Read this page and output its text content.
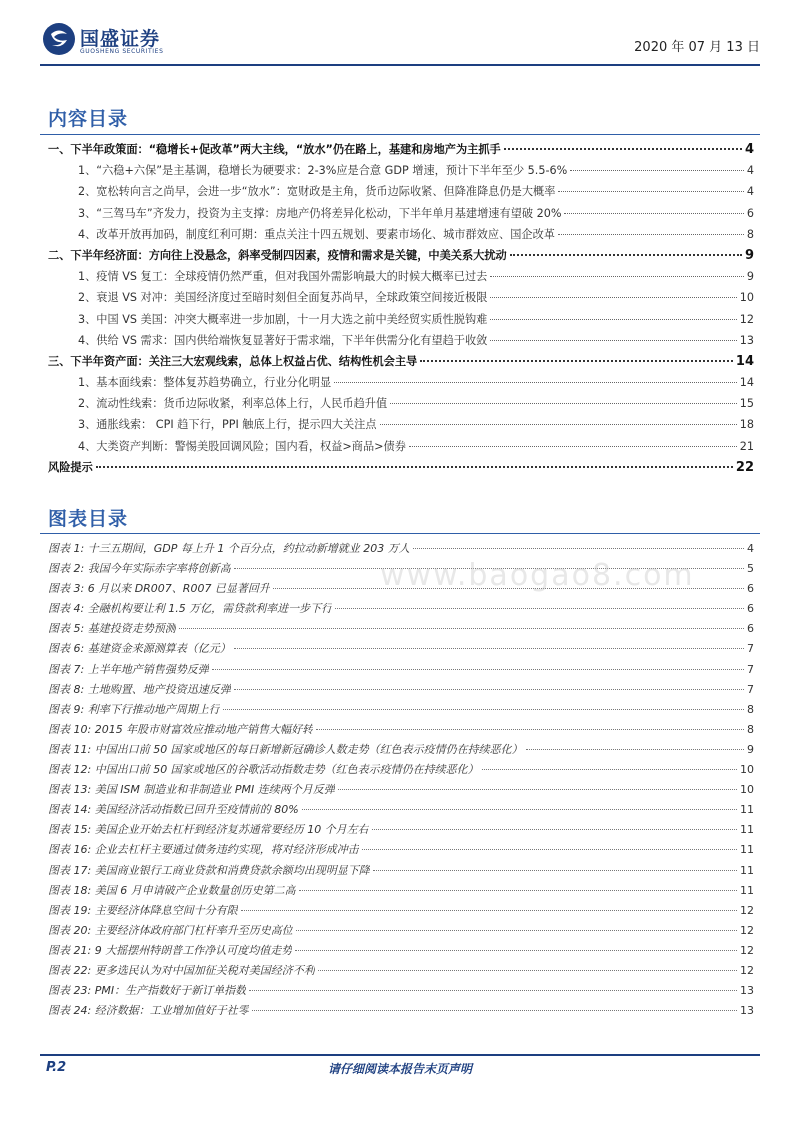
国盛证券
GUOSHENG SECURITIES	2020 年 07 月 13 日
内容目录
一、下半年政策面：“稳增长+促改革”两大主线，“放水”仍在路上，基建和房地产为主抓手	4
1、“六稳+六保”是主基调，稳增长为硬要求：2-3%应是合意 GDP 增速，预计下半年至少 5.5-6%	4
2、宽松转向言之尚早，会进一步“放水”：宽财政是主角，货币边际收紧、但降准降息仍是大概率	4
3、“三驾马车”齐发力，投资为主支撑：房地产仍将差异化松动，下半年单月基建增速有望破 20%	6
4、改革开放再加码，制度红利可期：重点关注十四五规划、要素市场化、城市群效应、国企改革	8
二、下半年经济面：方向往上没悬念，斜率受制四因素，疫情和需求是关键，中美关系大扰动	9
1、疫情 VS 复工：全球疫情仍然严重，但对我国外需影响最大的时候大概率已过去	9
2、衰退 VS 对冲：美国经济度过至暗时刻但全面复苏尚早，全球政策空间接近极限	10
3、中国 VS 美国：冲突大概率进一步加剧，十一月大选之前中美经贸实质性脱钩难	12
4、供给 VS 需求：国内供给端恢复显著好于需求端，下半年供需分化有望趋于收敛	13
三、下半年资产面：关注三大宏观线索，总体上权益占优、结构性机会主导	14
1、基本面线索：整体复苏趋势确立，行业分化明显	14
2、流动性线索：货币边际收紧，利率总体上行，人民币趋升值	15
3、通胀线索： CPI 趋下行，PPI 触底上行，提示四大关注点	18
4、大类资产判断：警惕美股回调风险；国内看，权益>商品>债券	21
风险提示	22
图表目录
图表 1: 十三五期间，GDP 每上升 1 个百分点，约拉动新增就业 203 万人	4
图表 2: 我国今年实际赤字率将创新高	5
图表 3: 6 月以来 DR007、R007 已显著回升	6
图表 4: 全融机构要让利 1.5 万亿，需贷款利率进一步下行	6
图表 5: 基建投资走势预测	6
图表 6: 基建资金来源测算表（亿元）	7
图表 7: 上半年地产销售强势反弹	7
图表 8: 土地购置、地产投资迅速反弹	7
图表 9: 利率下行推动地产周期上行	8
图表 10: 2015 年股市财富效应推动地产销售大幅好转	8
图表 11: 中国出口前 50 国家或地区的每日新增新冠确诊人数走势（红色表示疫情仍在持续恶化）	9
图表 12: 中国出口前 50 国家或地区的谷歌活动指数走势（红色表示疫情仍在持续恶化）	10
图表 13: 美国 ISM 制造业和非制造业 PMI 连续两个月反弹	10
图表 14: 美国经济活动指数已回升至疫情前的 80%	11
图表 15: 美国企业开始去杠杆到经济复苏通常要经历 10 个月左右	11
图表 16: 企业去杠杆主要通过债务违约实现，将对经济形成冲击	11
图表 17: 美国商业银行工商业贷款和消费贷款余额均出现明显下降	11
图表 18: 美国 6 月申请破产企业数量创历史第二高	11
图表 19: 主要经济体降息空间十分有限	12
图表 20: 主要经济体政府部门杠杆率升至历史高位	12
图表 21: 9 大摇摆州特朗普工作净认可度均值走势	12
图表 22: 更多选民认为对中国加征关税对美国经济不利	12
图表 23: PMI：生产指数好于新订单指数	13
图表 24: 经济数据：工业增加值好于社零	13
www.baogao8.com
P.2	请仔细阅读本报告末页声明
